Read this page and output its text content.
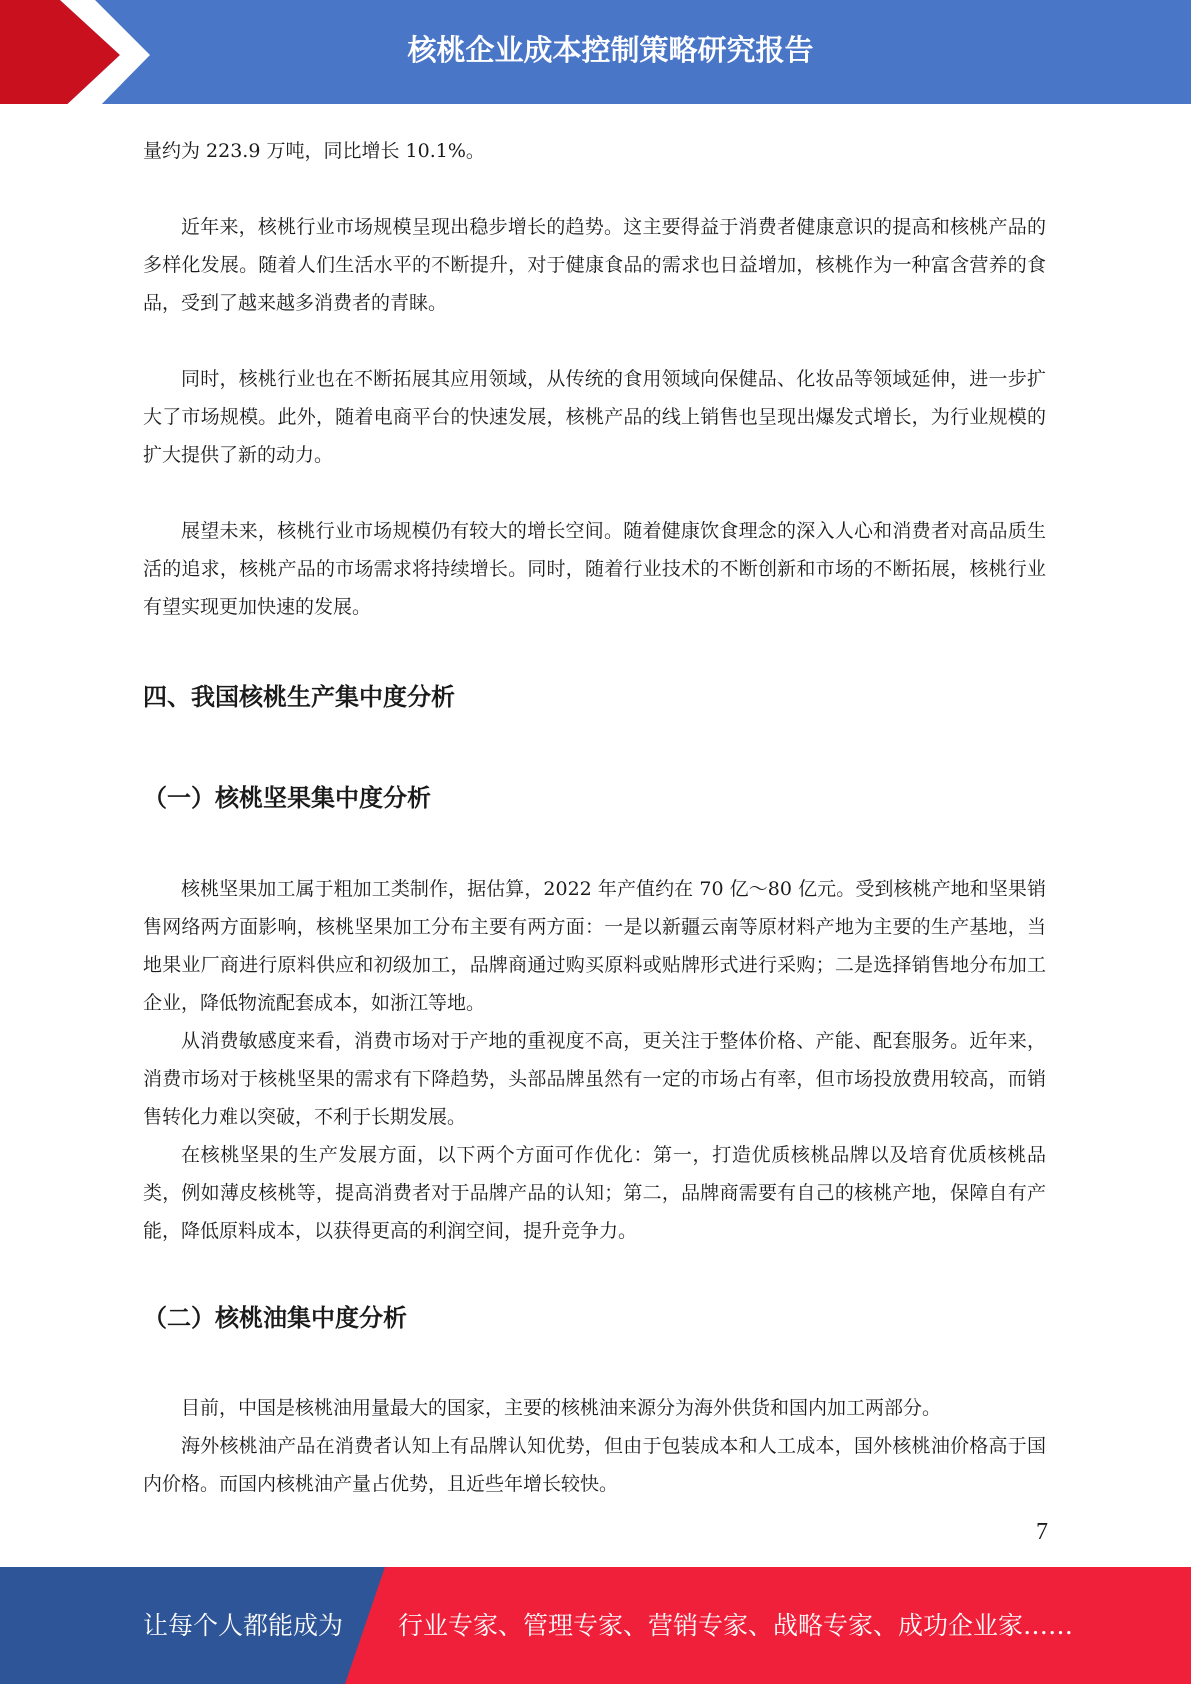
核桃企业成本控制策略研究报告

量约为 223.9 万吨，同比增长 10.1%。

近年来，核桃行业市场规模呈现出稳步增长的趋势。这主要得益于消费者健康意识的提高和核桃产品的多样化发展。随着人们生活水平的不断提升，对于健康食品的需求也日益增加，核桃作为一种富含营养的食品，受到了越来越多消费者的青睐。

同时，核桃行业也在不断拓展其应用领域，从传统的食用领域向保健品、化妆品等领域延伸，进一步扩大了市场规模。此外，随着电商平台的快速发展，核桃产品的线上销售也呈现出爆发式增长，为行业规模的扩大提供了新的动力。

展望未来，核桃行业市场规模仍有较大的增长空间。随着健康饮食理念的深入人心和消费者对高品质生活的追求，核桃产品的市场需求将持续增长。同时，随着行业技术的不断创新和市场的不断拓展，核桃行业有望实现更加快速的发展。

四、我国核桃生产集中度分析
（一）核桃坚果集中度分析

核桃坚果加工属于粗加工类制作，据估算，2022 年产值约在 70 亿～80 亿元。受到核桃产地和坚果销售网络两方面影响，核桃坚果加工分布主要有两方面：一是以新疆云南等原材料产地为主要的生产基地，当地果业厂商进行原料供应和初级加工，品牌商通过购买原料或贴牌形式进行采购；二是选择销售地分布加工企业，降低物流配套成本，如浙江等地。

从消费敏感度来看，消费市场对于产地的重视度不高，更关注于整体价格、产能、配套服务。近年来，消费市场对于核桃坚果的需求有下降趋势，头部品牌虽然有一定的市场占有率，但市场投放费用较高，而销售转化力难以突破，不利于长期发展。

在核桃坚果的生产发展方面，以下两个方面可作优化：第一，打造优质核桃品牌以及培育优质核桃品类，例如薄皮核桃等，提高消费者对于品牌产品的认知；第二，品牌商需要有自己的核桃产地，保障自有产能，降低原料成本，以获得更高的利润空间，提升竞争力。

（二）核桃油集中度分析

目前，中国是核桃油用量最大的国家，主要的核桃油来源分为海外供货和国内加工两部分。

海外核桃油产品在消费者认知上有品牌认知优势，但由于包装成本和人工成本，国外核桃油价格高于国内价格。而国内核桃油产量占优势，且近些年增长较快。

7
让每个人都能成为 行业专家、管理专家、营销专家、战略专家、成功企业家……
